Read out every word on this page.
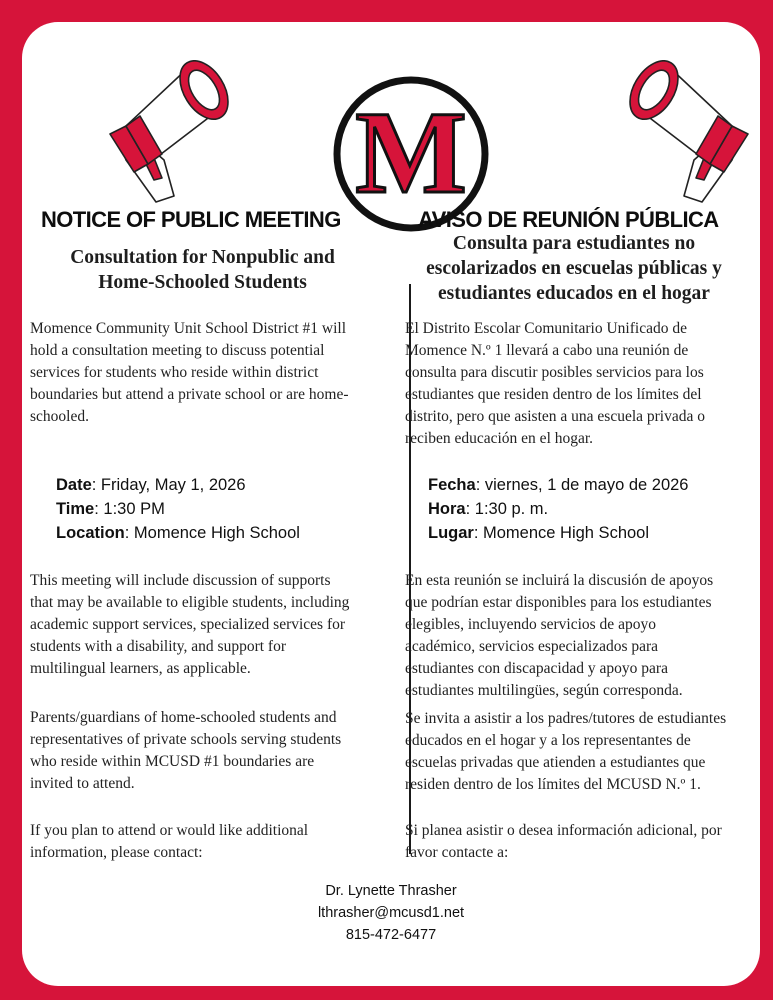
M
NOTICE OF PUBLIC MEETING
Consultation for Nonpublic and
Home-Schooled Students
Momence Community Unit School District #1 will
hold a consultation meeting to discuss potential
services for students who reside within district
boundaries but attend a private school or are home-
schooled.
Date: Friday, May 1, 2026
Time: 1:30 PM
Location: Momence High School
This meeting will include discussion of supports
that may be available to eligible students, including
academic support services, specialized services for
students with a disability, and support for
multilingual learners, as applicable.
Parents/guardians of home-schooled students and
representatives of private schools serving students
who reside within MCUSD #1 boundaries are
invited to attend.
If you plan to attend or would like additional
information, please contact:
AVISO DE REUNIÓN PÚBLICA
Consulta para estudiantes no
escolarizados en escuelas públicas y
estudiantes educados en el hogar
El Distrito Escolar Comunitario Unificado de
Momence N.º 1 llevará a cabo una reunión de
consulta para discutir posibles servicios para los
estudiantes que residen dentro de los límites del
distrito, pero que asisten a una escuela privada o
reciben educación en el hogar.
Fecha: viernes, 1 de mayo de 2026
Hora: 1:30 p. m.
Lugar: Momence High School
En esta reunión se incluirá la discusión de apoyos
que podrían estar disponibles para los estudiantes
elegibles, incluyendo servicios de apoyo
académico, servicios especializados para
estudiantes con discapacidad y apoyo para
estudiantes multilingües, según corresponda.
Se invita a asistir a los padres/tutores de estudiantes
educados en el hogar y a los representantes de
escuelas privadas que atienden a estudiantes que
residen dentro de los límites del MCUSD N.º 1.
Si planea asistir o desea información adicional, por
favor contacte a:
Dr. Lynette Thrasher
lthrasher@mcusd1.net
815-472-6477
